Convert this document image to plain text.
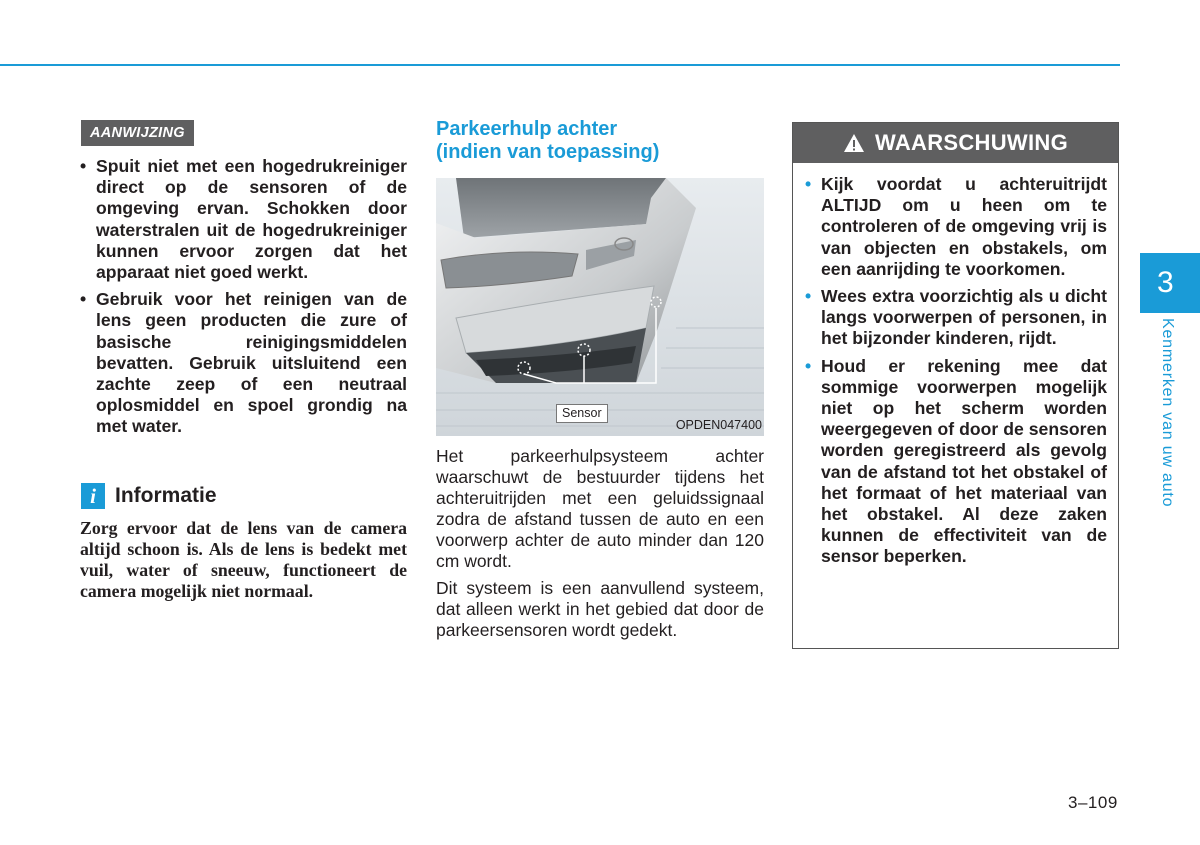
AANWIJZING
• Spuit niet met een hogedrukreiniger direct op de sensoren of de omgeving ervan. Schokken door waterstralen uit de hogedrukreiniger kunnen ervoor zorgen dat het apparaat niet goed werkt.
• Gebruik voor het reinigen van de lens geen producten die zure of basische reinigingsmiddelen bevatten. Gebruik uitsluitend een zachte zeep of een neutraal oplosmiddel en spoel grondig na met water.
i Informatie

Zorg ervoor dat de lens van de camera altijd schoon is. Als de lens is bedekt met vuil, water of sneeuw, functioneert de camera mogelijk niet normaal.

Parkeerhulp achter
(indien van toepassing)
Sensor
OPDEN047400

Het parkeerhulpsysteem achter waarschuwt de bestuurder tijdens het achteruitrijden met een geluidssignaal zodra de afstand tussen de auto en een voorwerp achter de auto minder dan 120 cm wordt.

Dit systeem is een aanvullend systeem, dat alleen werkt in het gebied dat door de parkeersensoren wordt gedekt.

WAARSCHUWING
• Kijk voordat u achteruitrijdt ALTIJD om u heen om te controleren of de omgeving vrij is van objecten en obstakels, om een aanrijding te voorkomen.
• Wees extra voorzichtig als u dicht langs voorwerpen of personen, in het bijzonder kinderen, rijdt.
• Houd er rekening mee dat sommige voorwerpen mogelijk niet op het scherm worden weergegeven of door de sensoren worden geregistreerd als gevolg van de afstand tot het obstakel of het formaat of het materiaal van het obstakel. Al deze zaken kunnen de effectiviteit van de sensor beperken.
3
Kenmerken van uw auto
3–109
